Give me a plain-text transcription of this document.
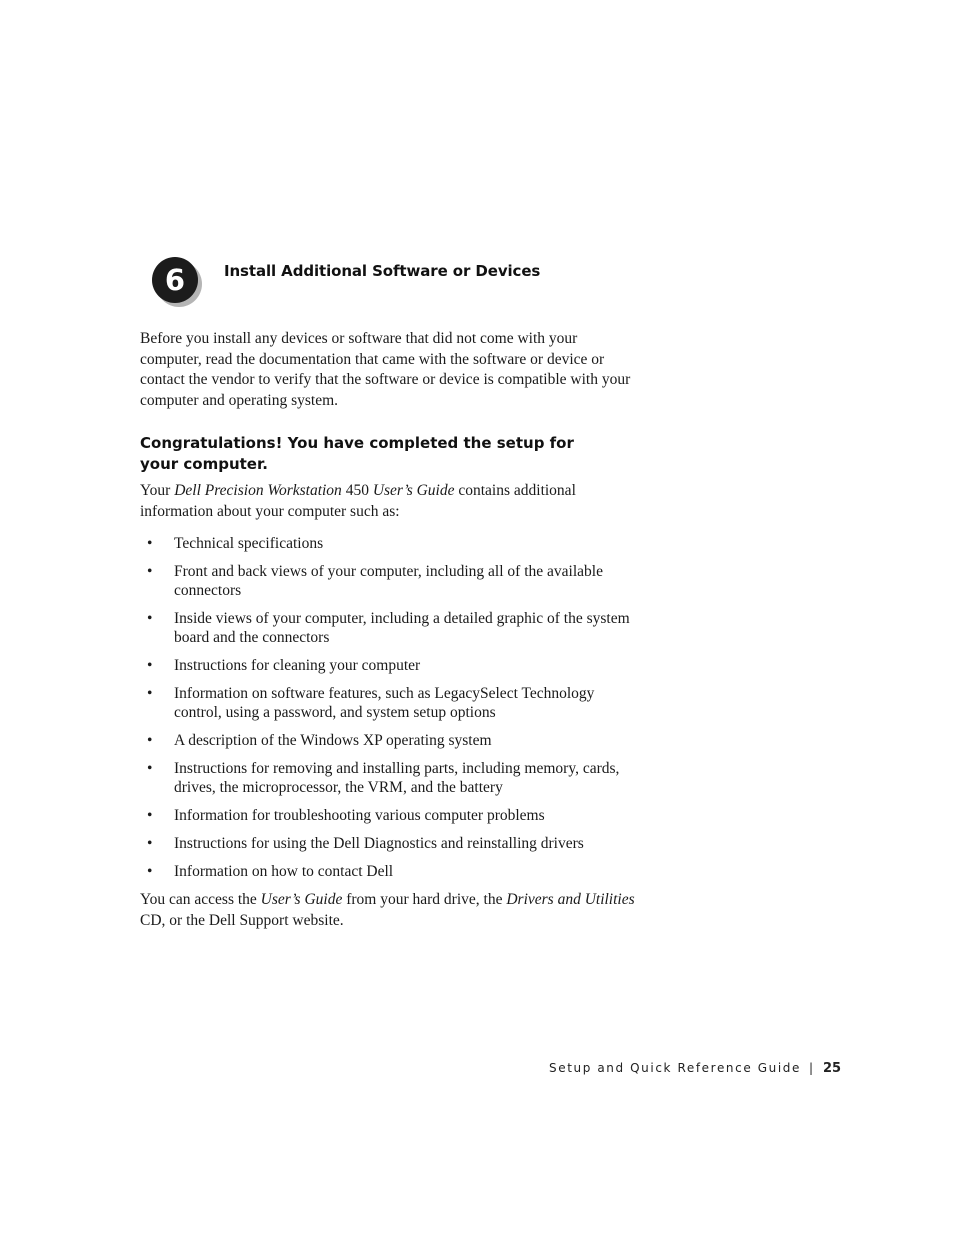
6	Install Additional Software or Devices

Before you install any devices or software that did not come with your computer, read the documentation that came with the software or device or contact the vendor to verify that the software or device is compatible with your computer and operating system.

Congratulations! You have completed the setup for your computer.

Your Dell Precision Workstation 450 User’s Guide contains additional information about your computer such as:

• Technical specifications
• Front and back views of your computer, including all of the available connectors
• Inside views of your computer, including a detailed graphic of the system board and the connectors
• Instructions for cleaning your computer
• Information on software features, such as LegacySelect Technology control, using a password, and system setup options
• A description of the Windows XP operating system
• Instructions for removing and installing parts, including memory, cards, drives, the microprocessor, the VRM, and the battery
• Information for troubleshooting various computer problems
• Instructions for using the Dell Diagnostics and reinstalling drivers
• Information on how to contact Dell

You can access the User’s Guide from your hard drive, the Drivers and Utilities CD, or the Dell Support website.

Setup and Quick Reference Guide | 25
